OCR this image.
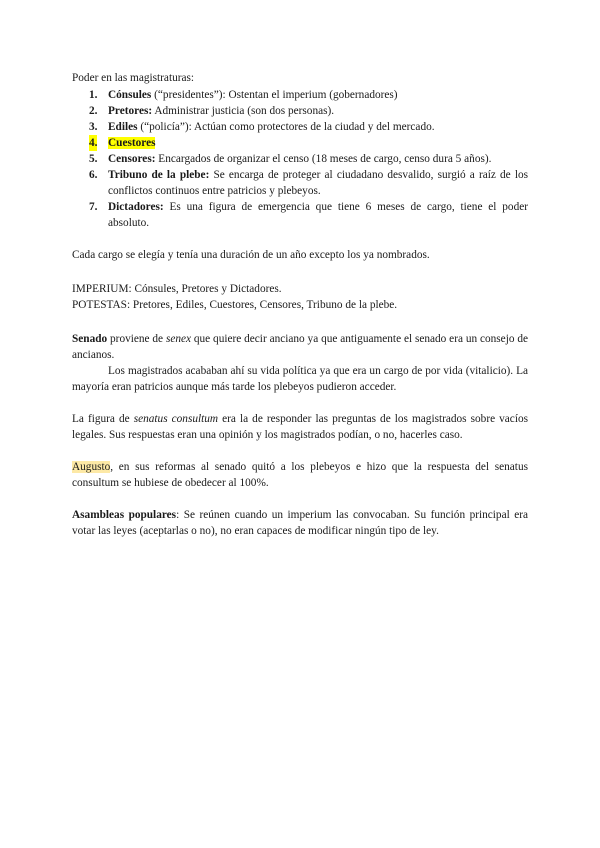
Poder en las magistraturas:

1. Cónsules (“presidentes”): Ostentan el imperium (gobernadores)
2. Pretores: Administrar justicia (son dos personas).
3. Ediles (“policía”): Actúan como protectores de la ciudad y del mercado.
4. Cuestores
5. Censores: Encargados de organizar el censo (18 meses de cargo, censo dura 5 años).
6. Tribuno de la plebe: Se encarga de proteger al ciudadano desvalido, surgió a raíz de los conflictos continuos entre patricios y plebeyos.
7. Dictadores: Es una figura de emergencia que tiene 6 meses de cargo, tiene el poder absoluto.

Cada cargo se elegía y tenía una duración de un año excepto los ya nombrados.

IMPERIUM: Cónsules, Pretores y Dictadores.

POTESTAS: Pretores, Ediles, Cuestores, Censores, Tribuno de la plebe.

Senado proviene de senex que quiere decir anciano ya que antiguamente el senado era un consejo de ancianos.

Los magistrados acababan ahí su vida política ya que era un cargo de por vida (vitalicio). La mayoría eran patricios aunque más tarde los plebeyos pudieron acceder.

La figura de senatus consultum era la de responder las preguntas de los magistrados sobre vacíos legales. Sus respuestas eran una opinión y los magistrados podían, o no, hacerles caso.

Augusto, en sus reformas al senado quitó a los plebeyos e hizo que la respuesta del senatus consultum se hubiese de obedecer al 100%.

Asambleas populares: Se reúnen cuando un imperium las convocaban. Su función principal era votar las leyes (aceptarlas o no), no eran capaces de modificar ningún tipo de ley.
